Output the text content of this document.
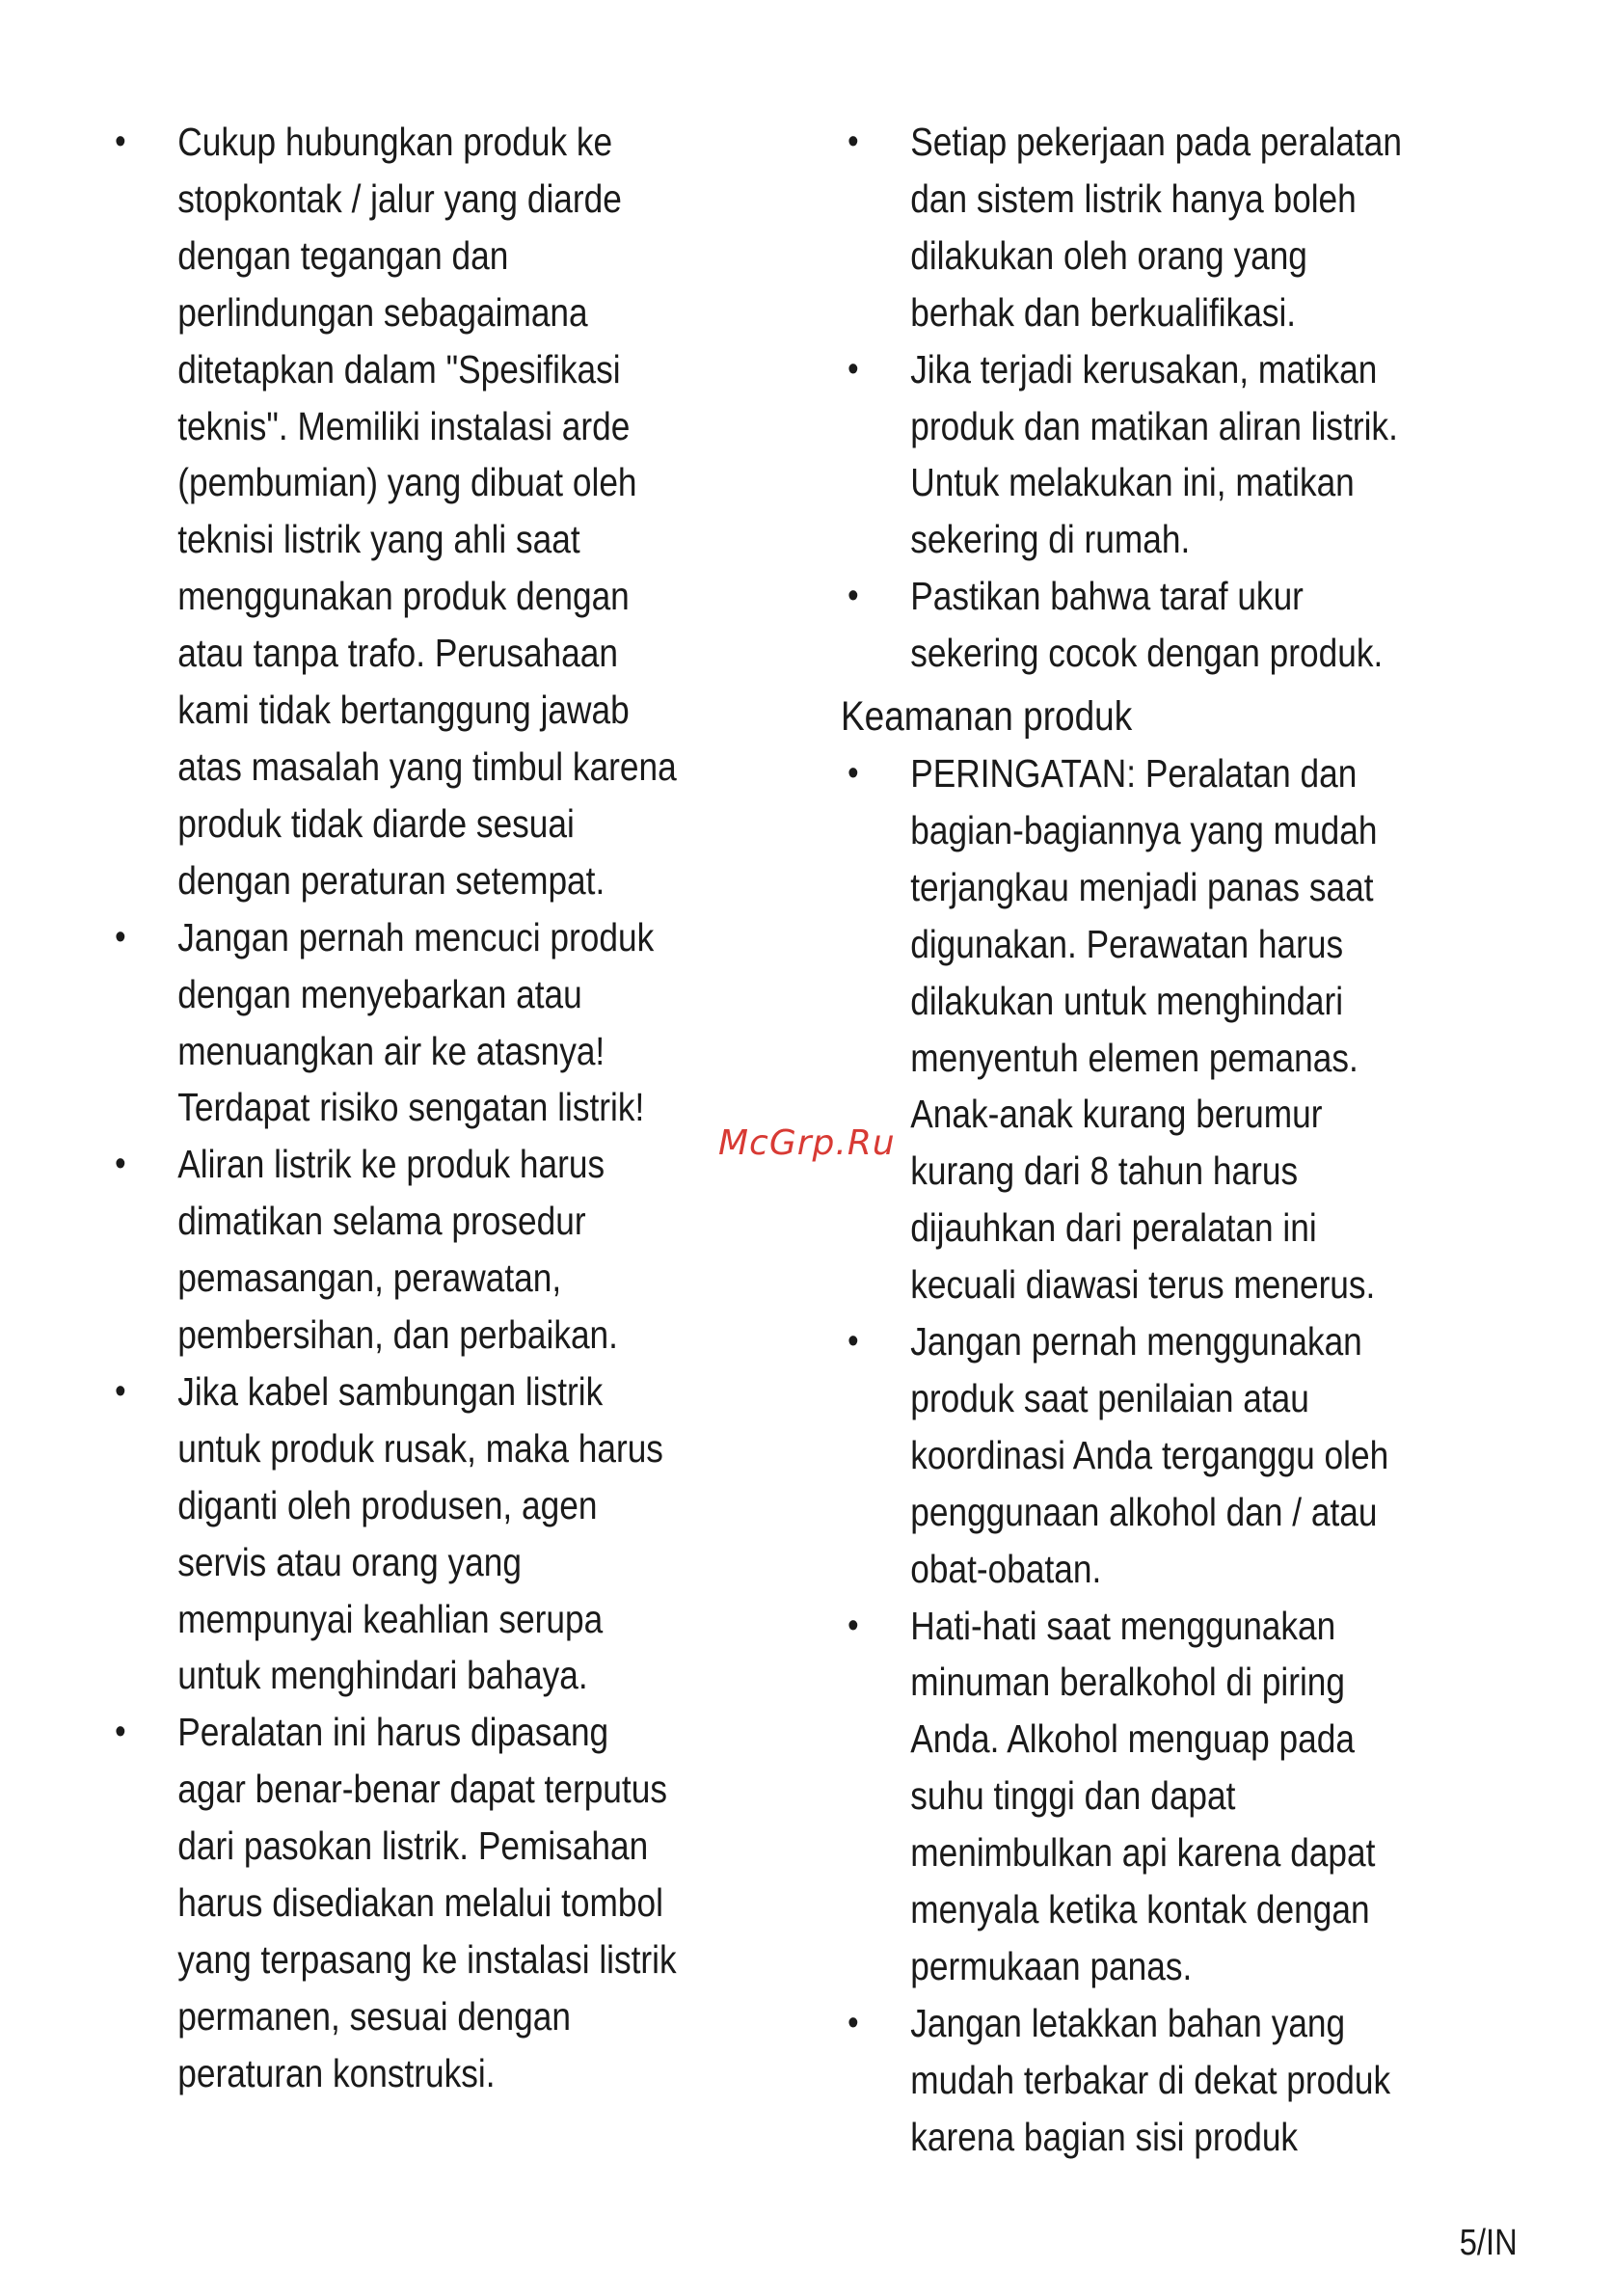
• Cukup hubungkan produk ke stopkontak / jalur yang diarde dengan tegangan dan perlindungan sebagaimana ditetapkan dalam "Spesifikasi teknis". Memiliki instalasi arde (pembumian) yang dibuat oleh teknisi listrik yang ahli saat menggunakan produk dengan atau tanpa trafo. Perusahaan kami tidak bertanggung jawab atas masalah yang timbul karena produk tidak diarde sesuai dengan peraturan setempat.
• Jangan pernah mencuci produk dengan menyebarkan atau menuangkan air ke atasnya! Terdapat risiko sengatan listrik!
• Aliran listrik ke produk harus dimatikan selama prosedur pemasangan, perawatan, pembersihan, dan perbaikan.
• Jika kabel sambungan listrik untuk produk rusak, maka harus diganti oleh produsen, agen servis atau orang yang mempunyai keahlian serupa untuk menghindari bahaya.
• Peralatan ini harus dipasang agar benar-benar dapat terputus dari pasokan listrik. Pemisahan harus disediakan melalui tombol yang terpasang ke instalasi listrik permanen, sesuai dengan peraturan konstruksi.
• Setiap pekerjaan pada peralatan dan sistem listrik hanya boleh dilakukan oleh orang yang berhak dan berkualifikasi.
• Jika terjadi kerusakan, matikan produk dan matikan aliran listrik. Untuk melakukan ini, matikan sekering di rumah.
• Pastikan bahwa taraf ukur sekering cocok dengan produk.
Keamanan produk
• PERINGATAN: Peralatan dan bagian-bagiannya yang mudah terjangkau menjadi panas saat digunakan. Perawatan harus dilakukan untuk menghindari menyentuh elemen pemanas. Anak-anak kurang berumur kurang dari 8 tahun harus dijauhkan dari peralatan ini kecuali diawasi terus menerus.
• Jangan pernah menggunakan produk saat penilaian atau koordinasi Anda terganggu oleh penggunaan alkohol dan / atau obat-obatan.
• Hati-hati saat menggunakan minuman beralkohol di piring Anda. Alkohol menguap pada suhu tinggi dan dapat menimbulkan api karena dapat menyala ketika kontak dengan permukaan panas.
• Jangan letakkan bahan yang mudah terbakar di dekat produk karena bagian sisi produk
McGrp.Ru
5/IN
